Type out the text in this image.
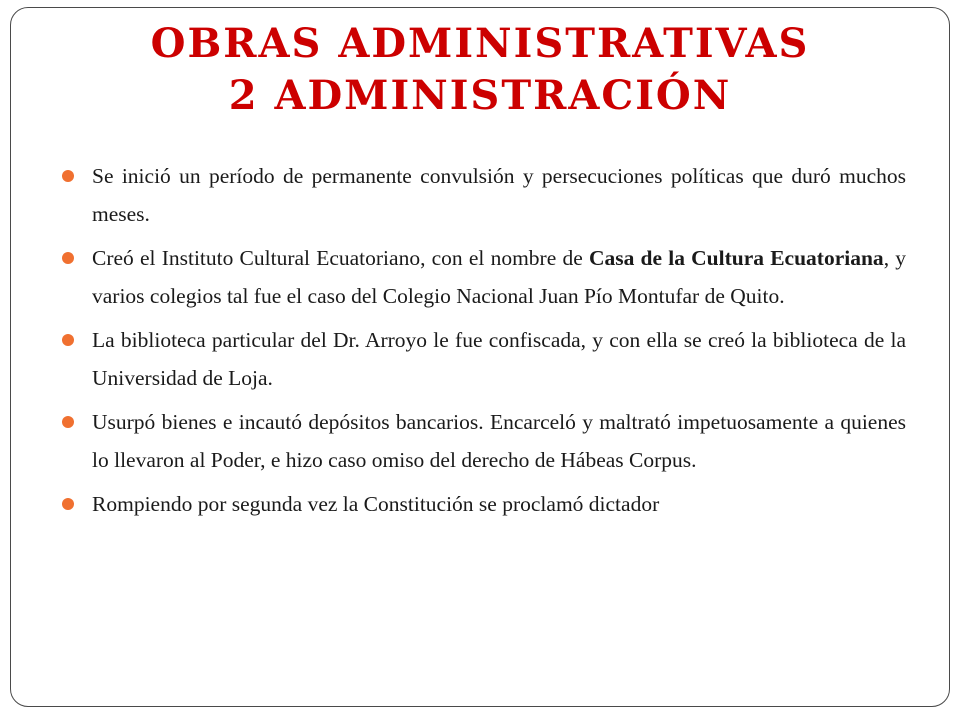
OBRAS ADMINISTRATIVAS
2 ADMINISTRACIÓN
Se inició un período de permanente convulsión y persecuciones políticas que duró muchos meses.
Creó el Instituto Cultural Ecuatoriano, con el nombre de Casa de la Cultura Ecuatoriana, y varios colegios tal fue el caso del Colegio Nacional Juan Pío Montufar de Quito.
La biblioteca particular del Dr. Arroyo le fue confiscada, y con ella se creó la biblioteca de la Universidad de Loja.
Usurpó bienes e incautó depósitos bancarios. Encarceló y maltrató impetuosamente a quienes lo llevaron al Poder, e hizo caso omiso del derecho de Hábeas Corpus.
Rompiendo por segunda vez la Constitución se proclamó dictador
